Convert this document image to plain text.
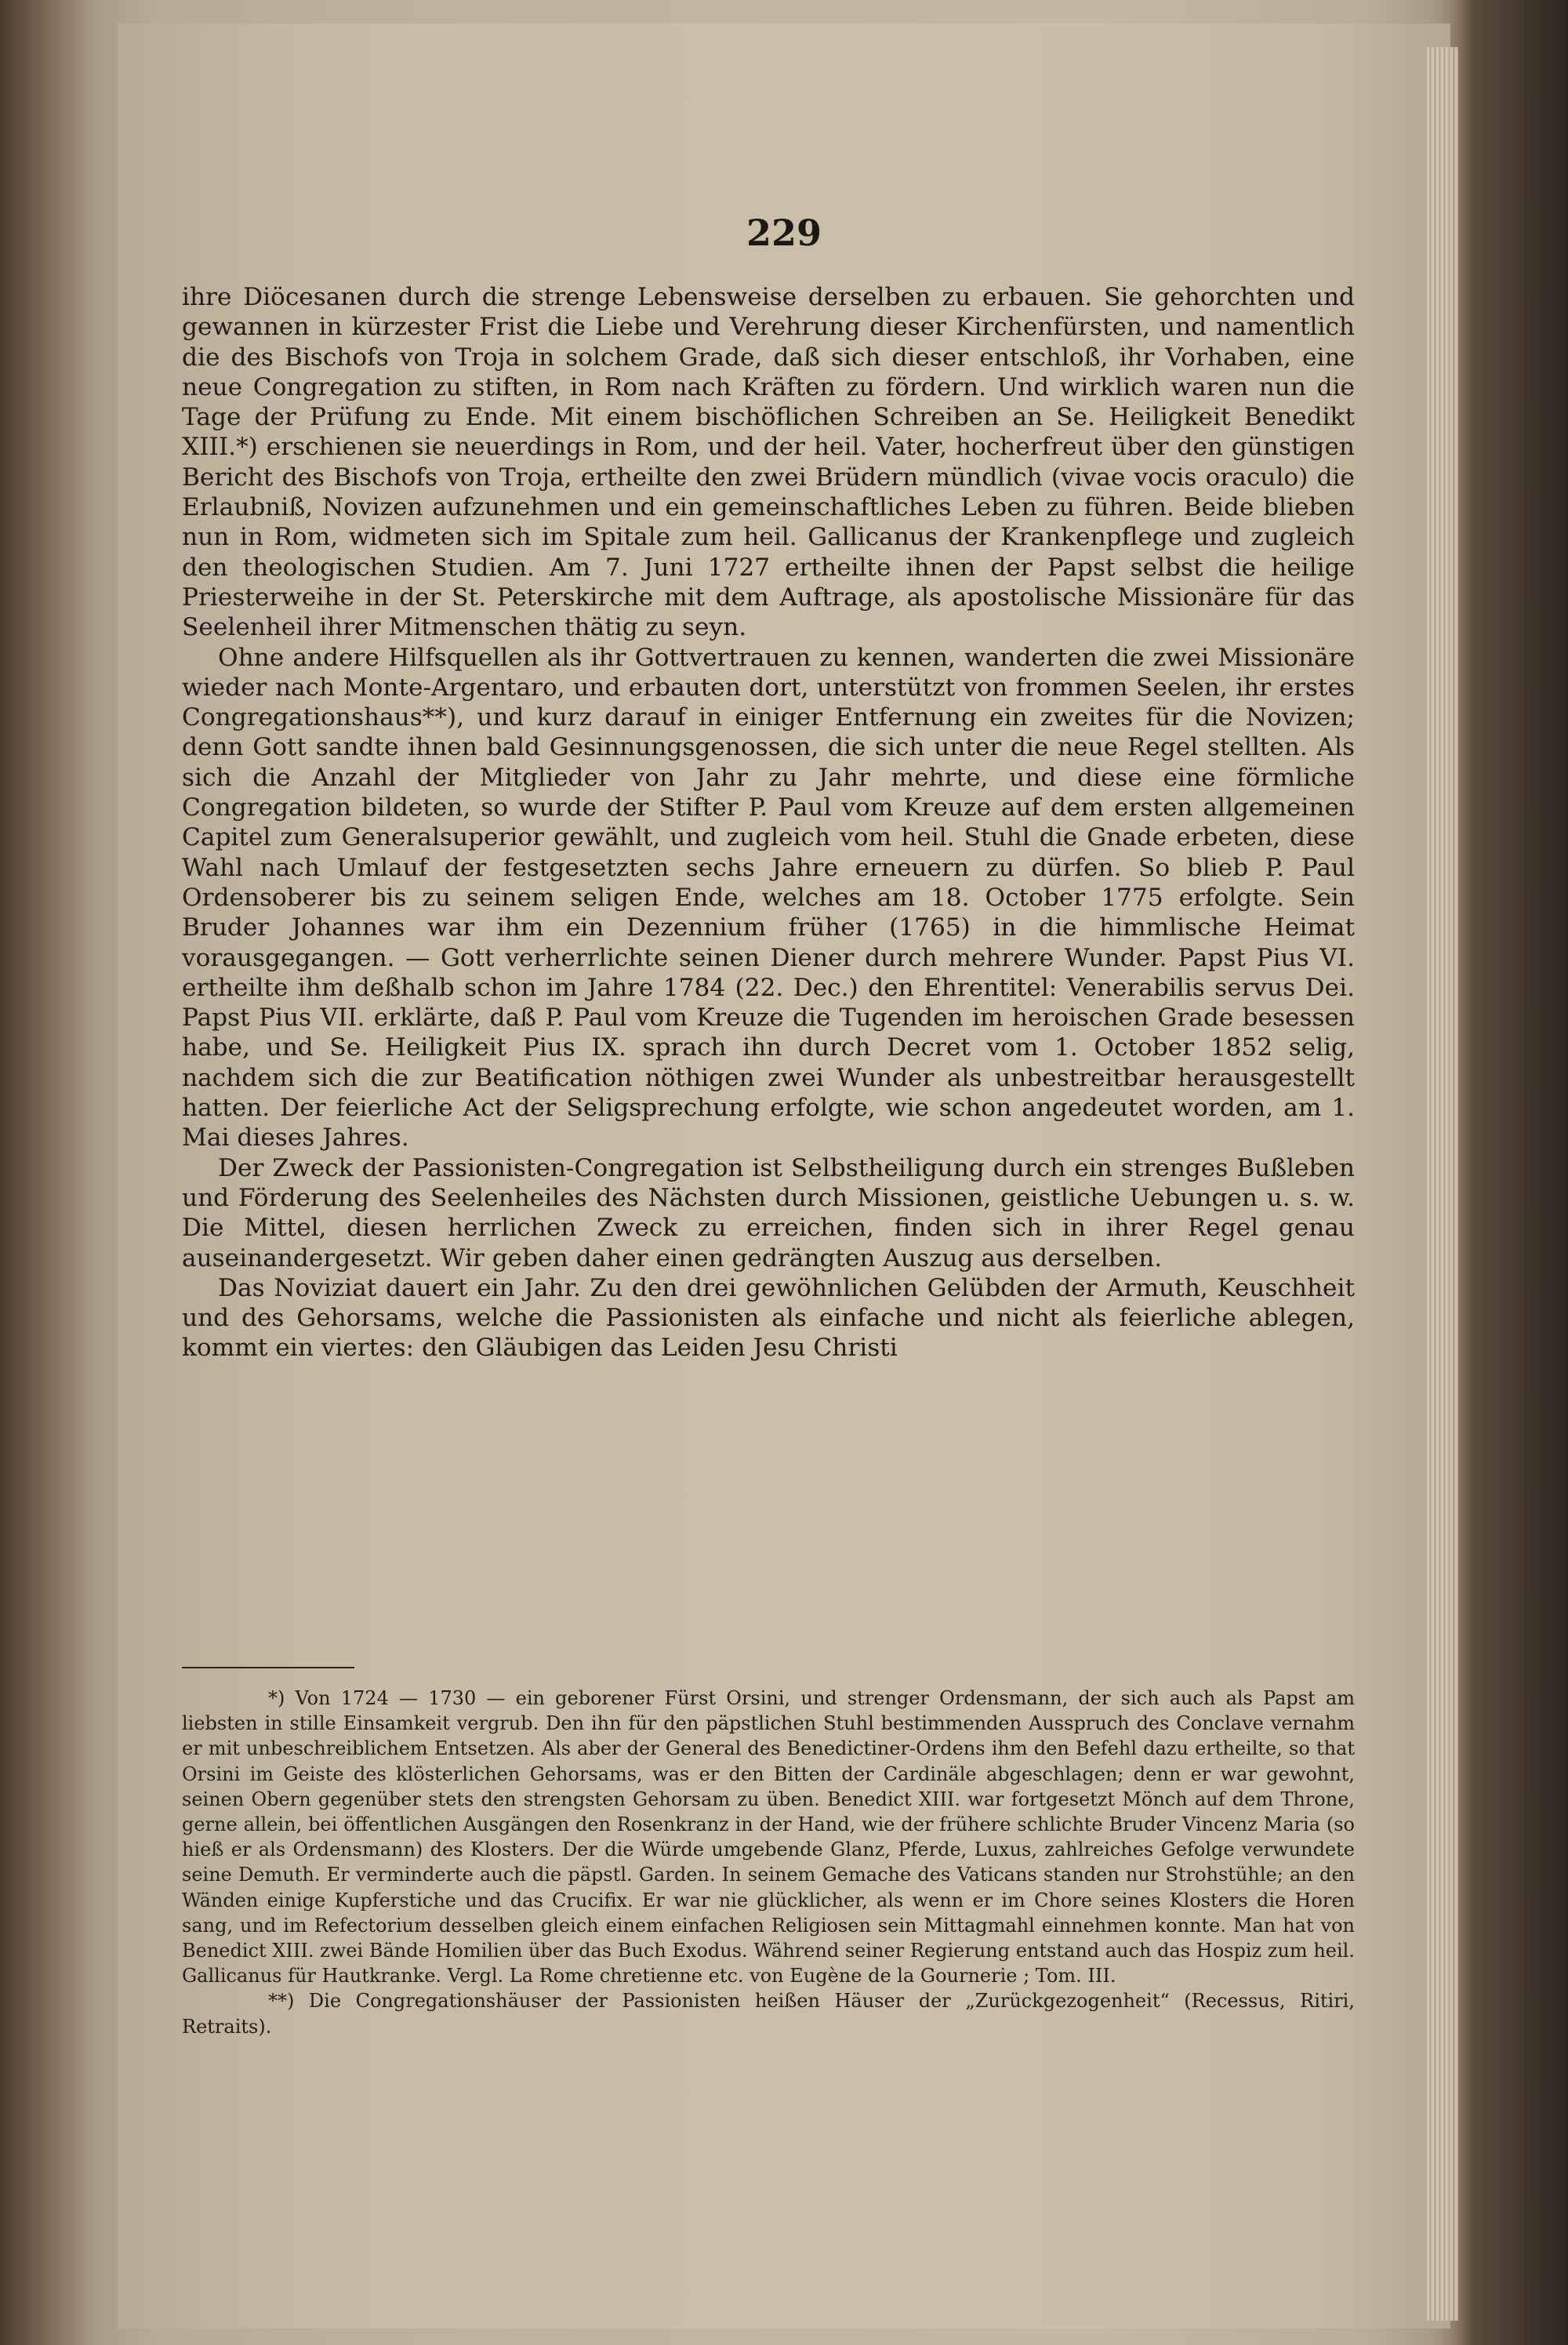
229

ihre Diöcesanen durch die strenge Lebensweise derselben zu erbauen. Sie gehorchten und gewannen in kürzester Frist die Liebe und Verehrung dieser Kirchenfürsten, und namentlich die des Bischofs von Troja in solchem Grade, daß sich dieser entschloß, ihr Vorhaben, eine neue Congregation zu stiften, in Rom nach Kräften zu fördern. Und wirklich waren nun die Tage der Prüfung zu Ende. Mit einem bischöflichen Schreiben an Se. Heiligkeit Benedikt XIII.*) erschienen sie neuerdings in Rom, und der heil. Vater, hocherfreut über den günstigen Bericht des Bischofs von Troja, ertheilte den zwei Brüdern mündlich (vivae vocis oraculo) die Erlaubniß, Novizen aufzunehmen und ein gemeinschaftliches Leben zu führen. Beide blieben nun in Rom, widmeten sich im Spitale zum heil. Gallicanus der Krankenpflege und zugleich den theologischen Studien. Am 7. Juni 1727 ertheilte ihnen der Papst selbst die heilige Priesterweihe in der St. Peterskirche mit dem Auftrage, als apostolische Missionäre für das Seelenheil ihrer Mitmenschen thätig zu seyn.

Ohne andere Hilfsquellen als ihr Gottvertrauen zu kennen, wanderten die zwei Missionäre wieder nach Monte-Argentaro, und erbauten dort, unterstützt von frommen Seelen, ihr erstes Congregationshaus**), und kurz darauf in einiger Entfernung ein zweites für die Novizen; denn Gott sandte ihnen bald Gesinnungsgenossen, die sich unter die neue Regel stellten. Als sich die Anzahl der Mitglieder von Jahr zu Jahr mehrte, und diese eine förmliche Congregation bildeten, so wurde der Stifter P. Paul vom Kreuze auf dem ersten allgemeinen Capitel zum Generalsuperior gewählt, und zugleich vom heil. Stuhl die Gnade erbeten, diese Wahl nach Umlauf der festgesetzten sechs Jahre erneuern zu dürfen. So blieb P. Paul Ordensoberer bis zu seinem seligen Ende, welches am 18. October 1775 erfolgte. Sein Bruder Johannes war ihm ein Dezennium früher (1765) in die himmlische Heimat vorausgegangen. — Gott verherrlichte seinen Diener durch mehrere Wunder. Papst Pius VI. ertheilte ihm deßhalb schon im Jahre 1784 (22. Dec.) den Ehrentitel: Venerabilis servus Dei. Papst Pius VII. erklärte, daß P. Paul vom Kreuze die Tugenden im heroischen Grade besessen habe, und Se. Heiligkeit Pius IX. sprach ihn durch Decret vom 1. October 1852 selig, nachdem sich die zur Beatification nöthigen zwei Wunder als unbestreitbar herausgestellt hatten. Der feierliche Act der Seligsprechung erfolgte, wie schon angedeutet worden, am 1. Mai dieses Jahres.

Der Zweck der Passionisten-Congregation ist Selbstheiligung durch ein strenges Bußleben und Förderung des Seelenheiles des Nächsten durch Missionen, geistliche Uebungen u. s. w. Die Mittel, diesen herrlichen Zweck zu erreichen, finden sich in ihrer Regel genau auseinandergesetzt. Wir geben daher einen gedrängten Auszug aus derselben.

Das Noviziat dauert ein Jahr. Zu den drei gewöhnlichen Gelübden der Armuth, Keuschheit und des Gehorsams, welche die Passionisten als einfache und nicht als feierliche ablegen, kommt ein viertes: den Gläubigen das Leiden Jesu Christi

*) Von 1724 — 1730 — ein geborener Fürst Orsini, und strenger Ordensmann, der sich auch als Papst am liebsten in stille Einsamkeit vergrub. Den ihn für den päpstlichen Stuhl bestimmenden Ausspruch des Conclave vernahm er mit unbeschreiblichem Entsetzen. Als aber der General des Benedictiner-Ordens ihm den Befehl dazu ertheilte, so that Orsini im Geiste des klösterlichen Gehorsams, was er den Bitten der Cardinäle abgeschlagen; denn er war gewohnt, seinen Obern gegenüber stets den strengsten Gehorsam zu üben. Benedict XIII. war fortgesetzt Mönch auf dem Throne, gerne allein, bei öffentlichen Ausgängen den Rosenkranz in der Hand, wie der frühere schlichte Bruder Vincenz Maria (so hieß er als Ordensmann) des Klosters. Der die Würde umgebende Glanz, Pferde, Luxus, zahlreiches Gefolge verwundete seine Demuth. Er verminderte auch die päpstl. Garden. In seinem Gemache des Vaticans standen nur Strohstühle; an den Wänden einige Kupferstiche und das Crucifix. Er war nie glücklicher, als wenn er im Chore seines Klosters die Horen sang, und im Refectorium desselben gleich einem einfachen Religiosen sein Mittagmahl einnehmen konnte. Man hat von Benedict XIII. zwei Bände Homilien über das Buch Exodus. Während seiner Regierung entstand auch das Hospiz zum heil. Gallicanus für Hautkranke. Vergl. La Rome chretienne etc. von Eugène de la Gournerie ; Tom. III.

**) Die Congregationshäuser der Passionisten heißen Häuser der „Zurückgezogenheit“ (Recessus, Ritiri, Retraits).
